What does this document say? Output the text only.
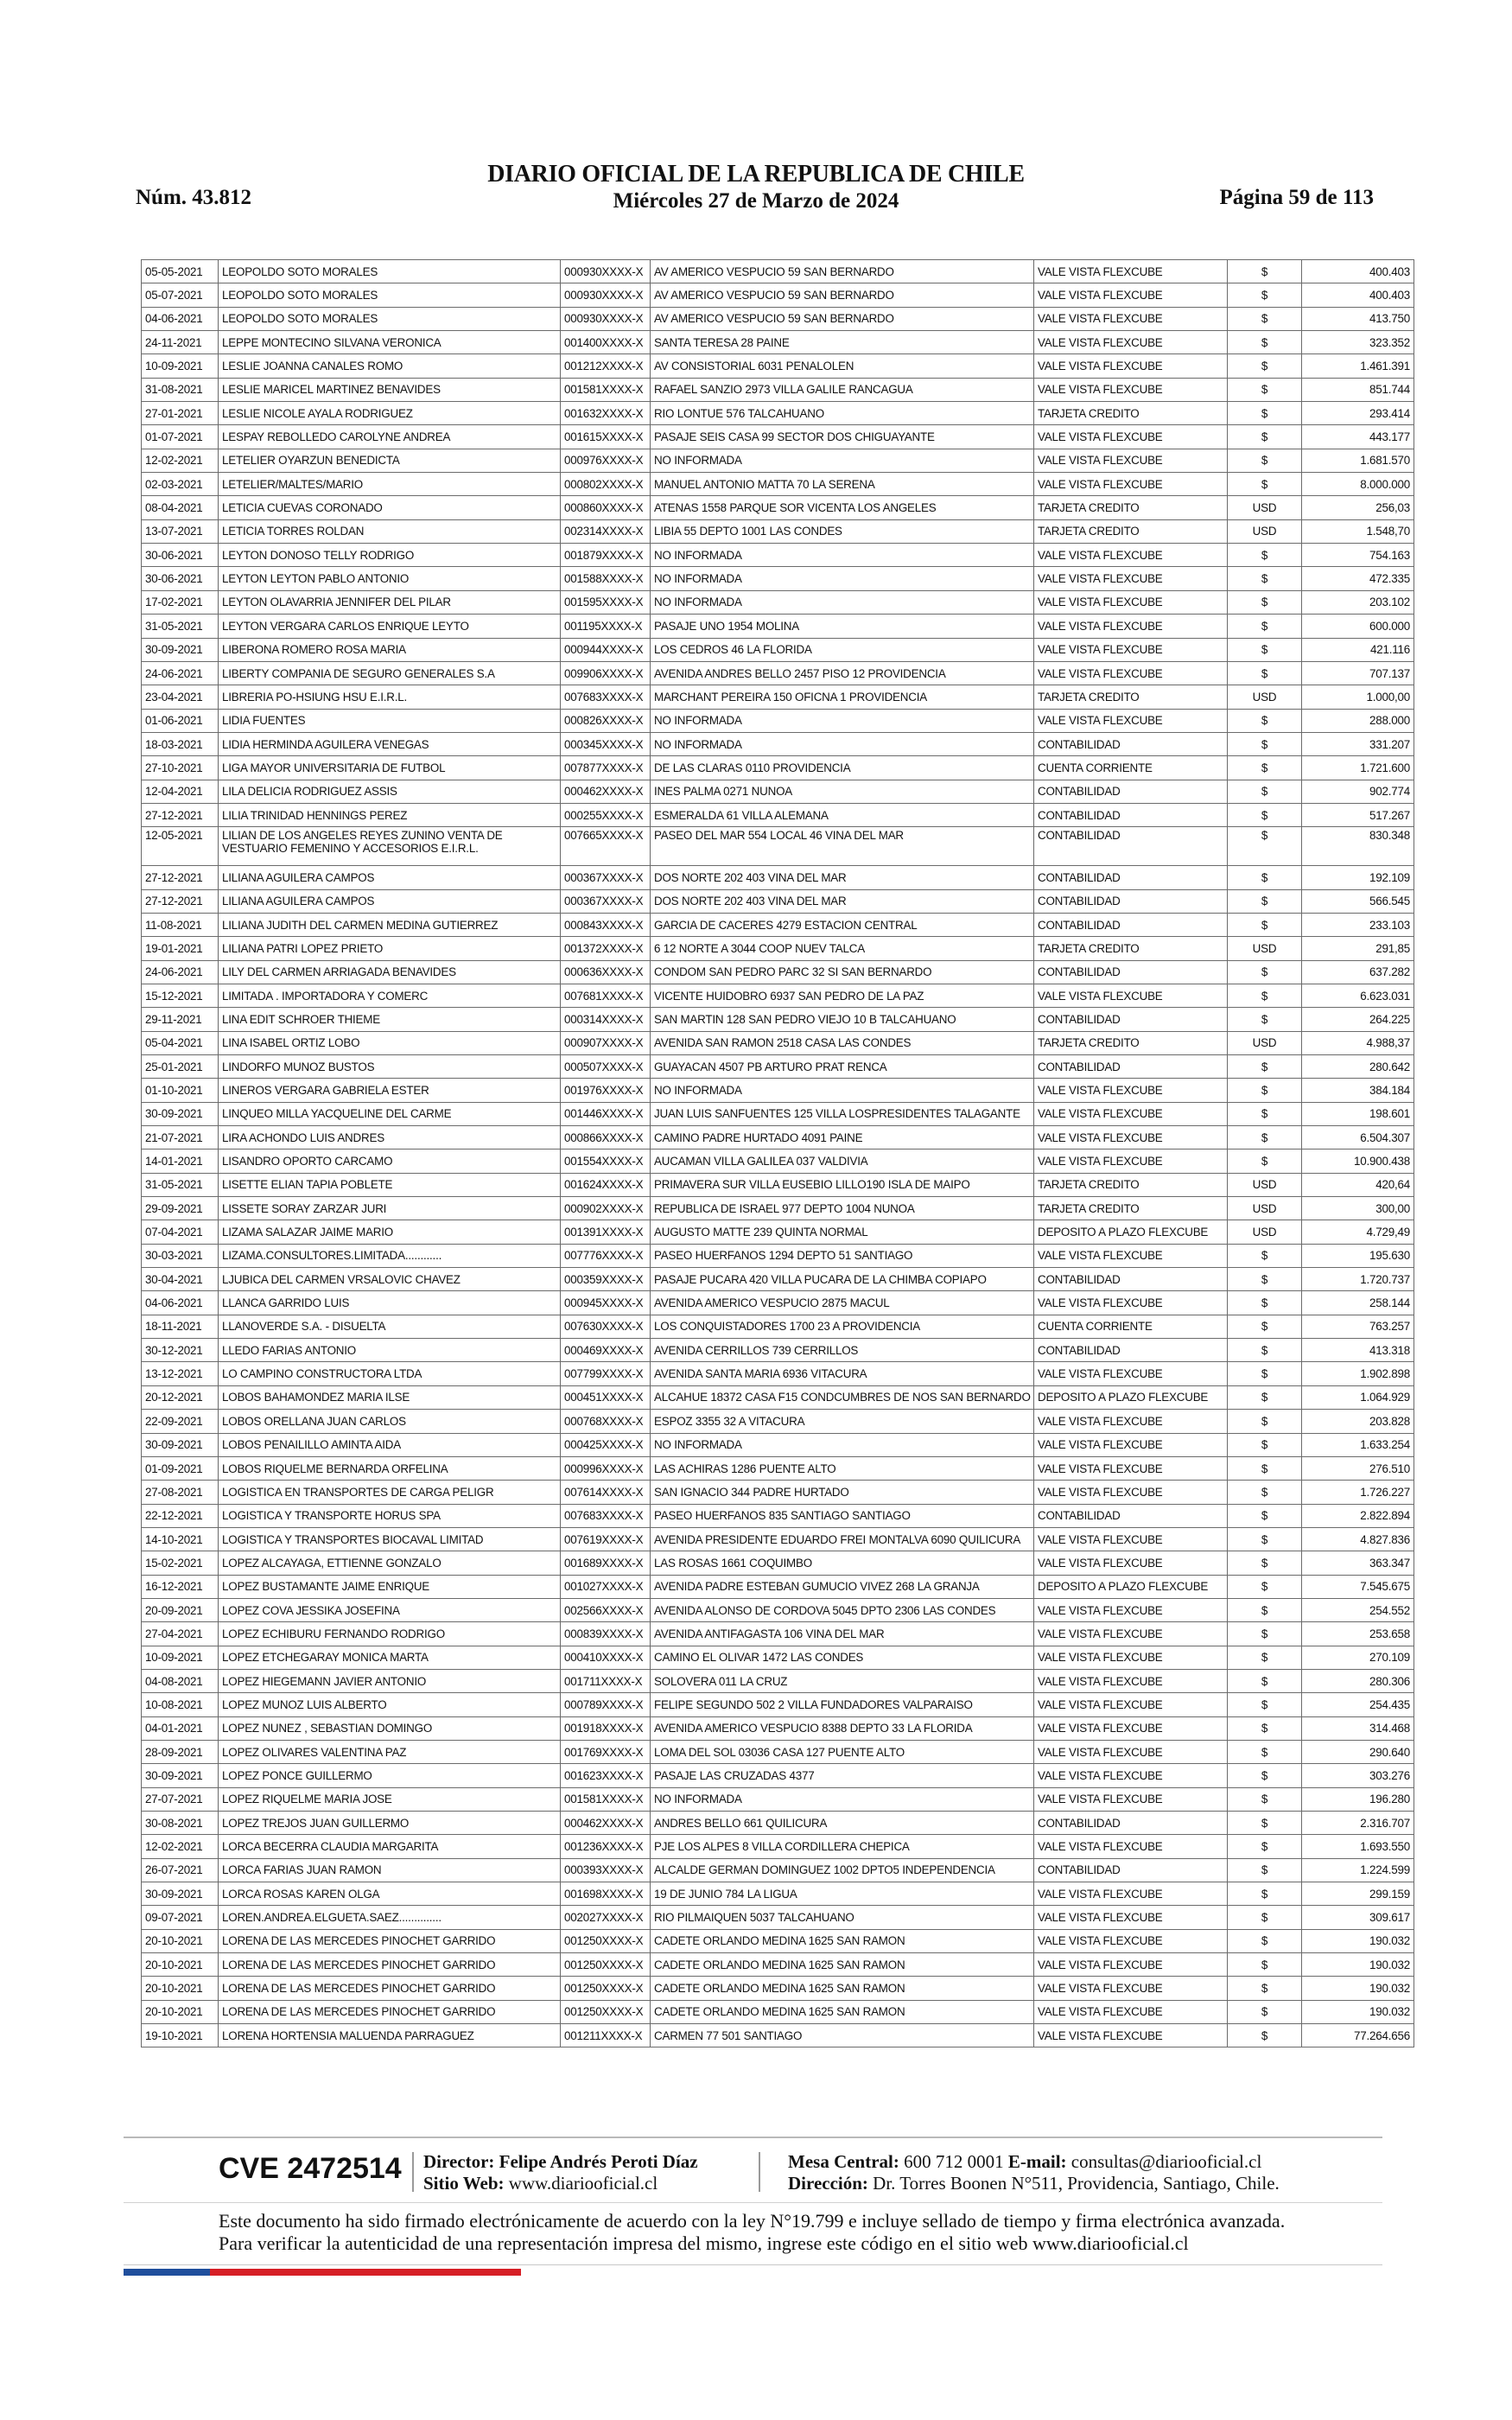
Núm. 43.812
DIARIO OFICIAL DE LA REPUBLICA DE CHILE
Miércoles 27 de Marzo de 2024	Página 59 de 113
05-05-2021	LEOPOLDO SOTO MORALES	000930XXXX-X	AV AMERICO VESPUCIO 59 SAN BERNARDO	VALE VISTA FLEXCUBE	$	400.403
05-07-2021	LEOPOLDO SOTO MORALES	000930XXXX-X	AV AMERICO VESPUCIO 59 SAN BERNARDO	VALE VISTA FLEXCUBE	$	400.403
04-06-2021	LEOPOLDO SOTO MORALES	000930XXXX-X	AV AMERICO VESPUCIO 59 SAN BERNARDO	VALE VISTA FLEXCUBE	$	413.750
24-11-2021	LEPPE MONTECINO SILVANA VERONICA	001400XXXX-X	SANTA TERESA 28 PAINE	VALE VISTA FLEXCUBE	$	323.352
10-09-2021	LESLIE JOANNA CANALES ROMO	001212XXXX-X	AV CONSISTORIAL 6031 PENALOLEN	VALE VISTA FLEXCUBE	$	1.461.391
31-08-2021	LESLIE MARICEL MARTINEZ BENAVIDES	001581XXXX-X	RAFAEL SANZIO 2973 VILLA GALILE RANCAGUA	VALE VISTA FLEXCUBE	$	851.744
27-01-2021	LESLIE NICOLE AYALA RODRIGUEZ	001632XXXX-X	RIO LONTUE 576 TALCAHUANO	TARJETA CREDITO	$	293.414
01-07-2021	LESPAY REBOLLEDO CAROLYNE ANDREA	001615XXXX-X	PASAJE SEIS CASA 99 SECTOR DOS CHIGUAYANTE	VALE VISTA FLEXCUBE	$	443.177
12-02-2021	LETELIER OYARZUN BENEDICTA	000976XXXX-X	NO INFORMADA	VALE VISTA FLEXCUBE	$	1.681.570
02-03-2021	LETELIER/MALTES/MARIO	000802XXXX-X	MANUEL ANTONIO MATTA 70 LA SERENA	VALE VISTA FLEXCUBE	$	8.000.000
08-04-2021	LETICIA CUEVAS CORONADO	000860XXXX-X	ATENAS 1558 PARQUE SOR VICENTA LOS ANGELES	TARJETA CREDITO	USD	256,03
13-07-2021	LETICIA TORRES ROLDAN	002314XXXX-X	LIBIA 55 DEPTO 1001 LAS CONDES	TARJETA CREDITO	USD	1.548,70
30-06-2021	LEYTON DONOSO TELLY RODRIGO	001879XXXX-X	NO INFORMADA	VALE VISTA FLEXCUBE	$	754.163
30-06-2021	LEYTON LEYTON PABLO ANTONIO	001588XXXX-X	NO INFORMADA	VALE VISTA FLEXCUBE	$	472.335
17-02-2021	LEYTON OLAVARRIA JENNIFER DEL PILAR	001595XXXX-X	NO INFORMADA	VALE VISTA FLEXCUBE	$	203.102
31-05-2021	LEYTON VERGARA CARLOS ENRIQUE LEYTO	001195XXXX-X	PASAJE UNO 1954 MOLINA	VALE VISTA FLEXCUBE	$	600.000
30-09-2021	LIBERONA ROMERO ROSA MARIA	000944XXXX-X	LOS CEDROS 46 LA FLORIDA	VALE VISTA FLEXCUBE	$	421.116
24-06-2021	LIBERTY COMPANIA DE SEGURO GENERALES S.A	009906XXXX-X	AVENIDA ANDRES BELLO 2457 PISO 12 PROVIDENCIA	VALE VISTA FLEXCUBE	$	707.137
23-04-2021	LIBRERIA PO-HSIUNG HSU E.I.R.L.	007683XXXX-X	MARCHANT PEREIRA 150 OFICNA 1 PROVIDENCIA	TARJETA CREDITO	USD	1.000,00
01-06-2021	LIDIA FUENTES	000826XXXX-X	NO INFORMADA	VALE VISTA FLEXCUBE	$	288.000
18-03-2021	LIDIA HERMINDA AGUILERA VENEGAS	000345XXXX-X	NO INFORMADA	CONTABILIDAD	$	331.207
27-10-2021	LIGA MAYOR UNIVERSITARIA DE FUTBOL	007877XXXX-X	DE LAS CLARAS 0110 PROVIDENCIA	CUENTA CORRIENTE	$	1.721.600
12-04-2021	LILA DELICIA RODRIGUEZ ASSIS	000462XXXX-X	INES PALMA 0271 NUNOA	CONTABILIDAD	$	902.774
27-12-2021	LILIA TRINIDAD HENNINGS PEREZ	000255XXXX-X	ESMERALDA 61 VILLA ALEMANA	CONTABILIDAD	$	517.267
12-05-2021	LILIAN DE LOS ANGELES REYES ZUNINO VENTA DE VESTUARIO FEMENINO Y ACCESORIOS E.I.R.L.	007665XXXX-X	PASEO DEL MAR 554 LOCAL 46 VINA DEL MAR	CONTABILIDAD	$	830.348
27-12-2021	LILIANA AGUILERA CAMPOS	000367XXXX-X	DOS NORTE 202 403 VINA DEL MAR	CONTABILIDAD	$	192.109
27-12-2021	LILIANA AGUILERA CAMPOS	000367XXXX-X	DOS NORTE 202 403 VINA DEL MAR	CONTABILIDAD	$	566.545
11-08-2021	LILIANA JUDITH DEL CARMEN MEDINA GUTIERREZ	000843XXXX-X	GARCIA DE CACERES 4279 ESTACION CENTRAL	CONTABILIDAD	$	233.103
19-01-2021	LILIANA PATRI LOPEZ PRIETO	001372XXXX-X	6 12 NORTE A 3044 COOP NUEV TALCA	TARJETA CREDITO	USD	291,85
24-06-2021	LILY DEL CARMEN ARRIAGADA BENAVIDES	000636XXXX-X	CONDOM SAN PEDRO PARC 32 SI SAN BERNARDO	CONTABILIDAD	$	637.282
15-12-2021	LIMITADA . IMPORTADORA Y COMERC	007681XXXX-X	VICENTE HUIDOBRO 6937 SAN PEDRO DE LA PAZ	VALE VISTA FLEXCUBE	$	6.623.031
29-11-2021	LINA EDIT SCHROER THIEME	000314XXXX-X	SAN MARTIN 128 SAN PEDRO VIEJO 10 B TALCAHUANO	CONTABILIDAD	$	264.225
05-04-2021	LINA ISABEL ORTIZ LOBO	000907XXXX-X	AVENIDA SAN RAMON 2518 CASA LAS CONDES	TARJETA CREDITO	USD	4.988,37
25-01-2021	LINDORFO MUNOZ BUSTOS	000507XXXX-X	GUAYACAN 4507 PB ARTURO PRAT RENCA	CONTABILIDAD	$	280.642
01-10-2021	LINEROS VERGARA GABRIELA ESTER	001976XXXX-X	NO INFORMADA	VALE VISTA FLEXCUBE	$	384.184
30-09-2021	LINQUEO MILLA YACQUELINE DEL CARME	001446XXXX-X	JUAN LUIS SANFUENTES 125 VILLA LOSPRESIDENTES TALAGANTE	VALE VISTA FLEXCUBE	$	198.601
21-07-2021	LIRA ACHONDO LUIS ANDRES	000866XXXX-X	CAMINO PADRE HURTADO 4091 PAINE	VALE VISTA FLEXCUBE	$	6.504.307
14-01-2021	LISANDRO OPORTO CARCAMO	001554XXXX-X	AUCAMAN VILLA GALILEA 037 VALDIVIA	VALE VISTA FLEXCUBE	$	10.900.438
31-05-2021	LISETTE ELIAN TAPIA POBLETE	001624XXXX-X	PRIMAVERA SUR VILLA EUSEBIO LILLO190 ISLA DE MAIPO	TARJETA CREDITO	USD	420,64
29-09-2021	LISSETE SORAY ZARZAR JURI	000902XXXX-X	REPUBLICA DE ISRAEL 977 DEPTO 1004 NUNOA	TARJETA CREDITO	USD	300,00
07-04-2021	LIZAMA SALAZAR JAIME MARIO	001391XXXX-X	AUGUSTO MATTE 239 QUINTA NORMAL	DEPOSITO A PLAZO FLEXCUBE	USD	4.729,49
30-03-2021	LIZAMA.CONSULTORES.LIMITADA............	007776XXXX-X	PASEO HUERFANOS 1294 DEPTO 51 SANTIAGO	VALE VISTA FLEXCUBE	$	195.630
30-04-2021	LJUBICA DEL CARMEN VRSALOVIC CHAVEZ	000359XXXX-X	PASAJE PUCARA 420 VILLA PUCARA DE LA CHIMBA COPIAPO	CONTABILIDAD	$	1.720.737
04-06-2021	LLANCA GARRIDO LUIS	000945XXXX-X	AVENIDA AMERICO VESPUCIO 2875 MACUL	VALE VISTA FLEXCUBE	$	258.144
18-11-2021	LLANOVERDE S.A. - DISUELTA	007630XXXX-X	LOS CONQUISTADORES 1700 23 A PROVIDENCIA	CUENTA CORRIENTE	$	763.257
30-12-2021	LLEDO FARIAS ANTONIO	000469XXXX-X	AVENIDA CERRILLOS 739 CERRILLOS	CONTABILIDAD	$	413.318
13-12-2021	LO CAMPINO CONSTRUCTORA LTDA	007799XXXX-X	AVENIDA SANTA MARIA 6936 VITACURA	VALE VISTA FLEXCUBE	$	1.902.898
20-12-2021	LOBOS BAHAMONDEZ MARIA ILSE	000451XXXX-X	ALCAHUE 18372 CASA F15 CONDCUMBRES DE NOS SAN BERNARDO	DEPOSITO A PLAZO FLEXCUBE	$	1.064.929
22-09-2021	LOBOS ORELLANA JUAN CARLOS	000768XXXX-X	ESPOZ 3355 32 A VITACURA	VALE VISTA FLEXCUBE	$	203.828
30-09-2021	LOBOS PENAILILLO AMINTA AIDA	000425XXXX-X	NO INFORMADA	VALE VISTA FLEXCUBE	$	1.633.254
01-09-2021	LOBOS RIQUELME BERNARDA ORFELINA	000996XXXX-X	LAS ACHIRAS 1286 PUENTE ALTO	VALE VISTA FLEXCUBE	$	276.510
27-08-2021	LOGISTICA EN TRANSPORTES DE CARGA PELIGR	007614XXXX-X	SAN IGNACIO 344 PADRE HURTADO	VALE VISTA FLEXCUBE	$	1.726.227
22-12-2021	LOGISTICA Y TRANSPORTE HORUS SPA	007683XXXX-X	PASEO HUERFANOS 835 SANTIAGO SANTIAGO	CONTABILIDAD	$	2.822.894
14-10-2021	LOGISTICA Y TRANSPORTES BIOCAVAL LIMITAD	007619XXXX-X	AVENIDA PRESIDENTE EDUARDO FREI MONTALVA 6090 QUILICURA	VALE VISTA FLEXCUBE	$	4.827.836
15-02-2021	LOPEZ ALCAYAGA, ETTIENNE GONZALO	001689XXXX-X	LAS ROSAS 1661 COQUIMBO	VALE VISTA FLEXCUBE	$	363.347
16-12-2021	LOPEZ BUSTAMANTE JAIME ENRIQUE	001027XXXX-X	AVENIDA PADRE ESTEBAN GUMUCIO VIVEZ 268 LA GRANJA	DEPOSITO A PLAZO FLEXCUBE	$	7.545.675
20-09-2021	LOPEZ COVA JESSIKA JOSEFINA	002566XXXX-X	AVENIDA ALONSO DE CORDOVA 5045 DPTO 2306 LAS CONDES	VALE VISTA FLEXCUBE	$	254.552
27-04-2021	LOPEZ ECHIBURU FERNANDO RODRIGO	000839XXXX-X	AVENIDA ANTIFAGASTA 106 VINA DEL MAR	VALE VISTA FLEXCUBE	$	253.658
10-09-2021	LOPEZ ETCHEGARAY MONICA MARTA	000410XXXX-X	CAMINO EL OLIVAR 1472 LAS CONDES	VALE VISTA FLEXCUBE	$	270.109
04-08-2021	LOPEZ HIEGEMANN JAVIER ANTONIO	001711XXXX-X	SOLOVERA 011 LA CRUZ	VALE VISTA FLEXCUBE	$	280.306
10-08-2021	LOPEZ MUNOZ LUIS ALBERTO	000789XXXX-X	FELIPE SEGUNDO 502 2 VILLA FUNDADORES VALPARAISO	VALE VISTA FLEXCUBE	$	254.435
04-01-2021	LOPEZ NUNEZ , SEBASTIAN DOMINGO	001918XXXX-X	AVENIDA AMERICO VESPUCIO 8388 DEPTO 33 LA FLORIDA	VALE VISTA FLEXCUBE	$	314.468
28-09-2021	LOPEZ OLIVARES VALENTINA PAZ	001769XXXX-X	LOMA DEL SOL 03036 CASA 127 PUENTE ALTO	VALE VISTA FLEXCUBE	$	290.640
30-09-2021	LOPEZ PONCE GUILLERMO	001623XXXX-X	PASAJE LAS CRUZADAS 4377	VALE VISTA FLEXCUBE	$	303.276
27-07-2021	LOPEZ RIQUELME MARIA JOSE	001581XXXX-X	NO INFORMADA	VALE VISTA FLEXCUBE	$	196.280
30-08-2021	LOPEZ TREJOS JUAN GUILLERMO	000462XXXX-X	ANDRES BELLO 661 QUILICURA	CONTABILIDAD	$	2.316.707
12-02-2021	LORCA BECERRA CLAUDIA MARGARITA	001236XXXX-X	PJE LOS ALPES 8 VILLA CORDILLERA CHEPICA	VALE VISTA FLEXCUBE	$	1.693.550
26-07-2021	LORCA FARIAS JUAN RAMON	000393XXXX-X	ALCALDE GERMAN DOMINGUEZ 1002 DPTO5 INDEPENDENCIA	CONTABILIDAD	$	1.224.599
30-09-2021	LORCA ROSAS KAREN OLGA	001698XXXX-X	19 DE JUNIO 784 LA LIGUA	VALE VISTA FLEXCUBE	$	299.159
09-07-2021	LOREN.ANDREA.ELGUETA.SAEZ..............	002027XXXX-X	RIO PILMAIQUEN 5037 TALCAHUANO	VALE VISTA FLEXCUBE	$	309.617
20-10-2021	LORENA DE LAS MERCEDES PINOCHET GARRIDO	001250XXXX-X	CADETE ORLANDO MEDINA 1625 SAN RAMON	VALE VISTA FLEXCUBE	$	190.032
20-10-2021	LORENA DE LAS MERCEDES PINOCHET GARRIDO	001250XXXX-X	CADETE ORLANDO MEDINA 1625 SAN RAMON	VALE VISTA FLEXCUBE	$	190.032
20-10-2021	LORENA DE LAS MERCEDES PINOCHET GARRIDO	001250XXXX-X	CADETE ORLANDO MEDINA 1625 SAN RAMON	VALE VISTA FLEXCUBE	$	190.032
20-10-2021	LORENA DE LAS MERCEDES PINOCHET GARRIDO	001250XXXX-X	CADETE ORLANDO MEDINA 1625 SAN RAMON	VALE VISTA FLEXCUBE	$	190.032
19-10-2021	LORENA HORTENSIA MALUENDA PARRAGUEZ	001211XXXX-X	CARMEN 77 501 SANTIAGO	VALE VISTA FLEXCUBE	$	77.264.656
CVE 2472514 Director: Felipe Andrés Peroti Díaz
Sitio Web: www.diariooficial.cl
Mesa Central: 600 712 0001 E-mail: consultas@diariooficial.cl
Dirección: Dr. Torres Boonen N°511, Providencia, Santiago, Chile.
Este documento ha sido firmado electrónicamente de acuerdo con la ley N°19.799 e incluye sellado de tiempo y firma electrónica avanzada. Para verificar la autenticidad de una representación impresa del mismo, ingrese este código en el sitio web www.diariooficial.cl
